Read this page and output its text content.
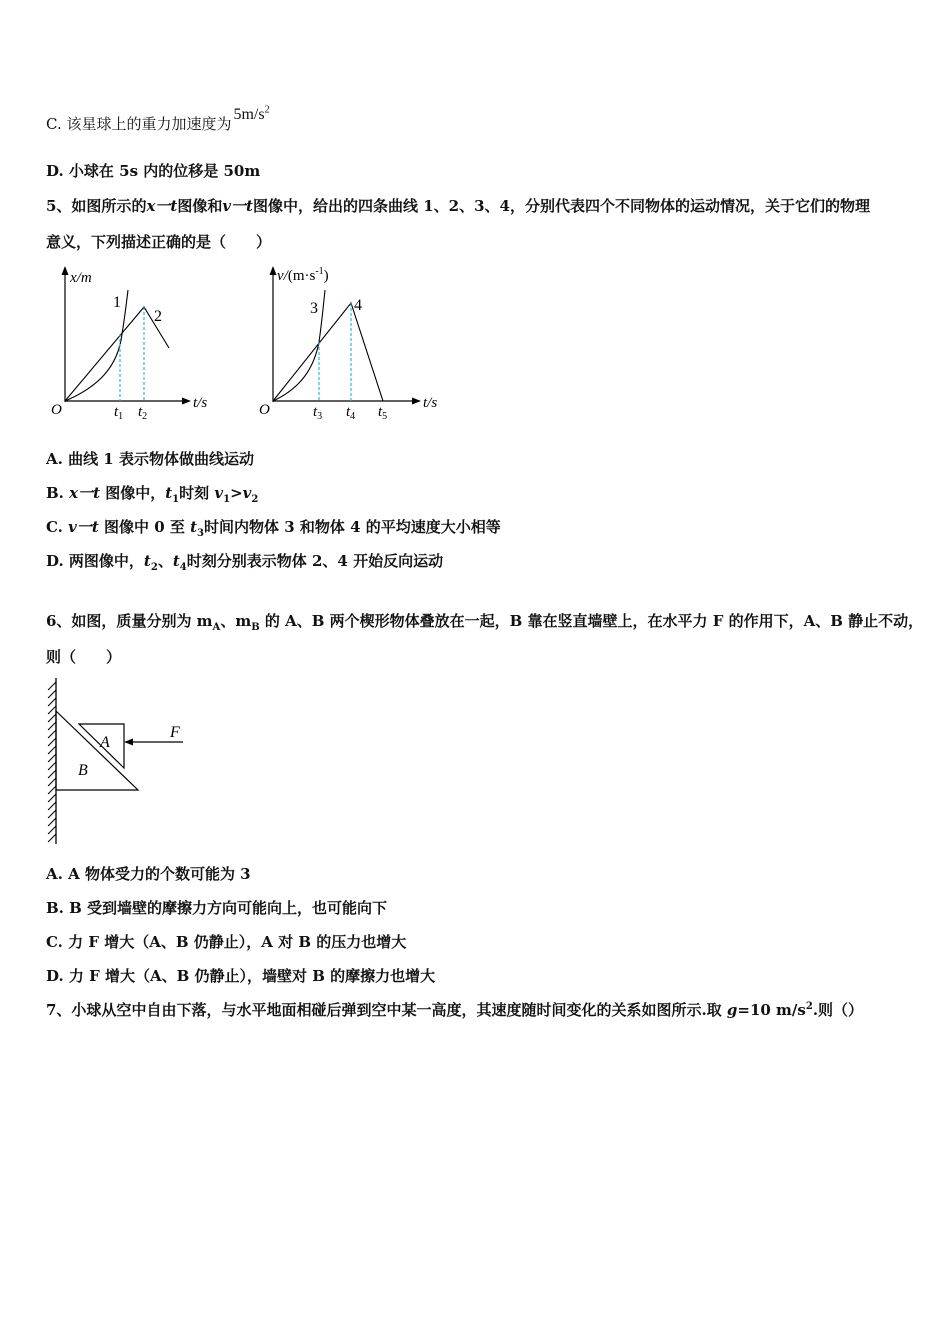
C. 该星球上的重力加速度为$5m/s^2$
D. 小球在 5s 内的位移是 50m
5、如图所示的x一t图像和v一t图像中，给出的四条曲线 1、2、3、4，分别代表四个不同物体的运动情况，关于它们的物理
意义，下列描述正确的是（　　）
x/m
t/s
O
1
2
$t_1$ $t_2$
$v/(m\cdot s^{-1})$
t/s
O
3 4
$t_3$ $t_4$ $t_5$
A. 曲线 1 表示物体做曲线运动
B. x一t 图像中，$t_1$时刻 $v_1>v_2$
C. v一t 图像中 0 至 $t_3$时间内物体 3 和物体 4 的平均速度大小相等
D. 两图像中，$t_2$、$t_4$时刻分别表示物体 2、4 开始反向运动
6、如图，质量分别为 $m_A$、$m_B$ 的 A、B 两个楔形物体叠放在一起，B 靠在竖直墙壁上，在水平力 F 的作用下，A、B 静止不动，
则（　　）
A
B
F
A. A 物体受力的个数可能为 3
B. B 受到墙壁的摩擦力方向可能向上，也可能向下
C. 力 F 增大（A、B 仍静止），A 对 B 的压力也增大
D. 力 F 增大（A、B 仍静止），墙壁对 B 的摩擦力也增大
7、小球从空中自由下落，与水平地面相碰后弹到空中某一高度，其速度随时间变化的关系如图所示.取 g=10 $m/s^2$.则（）
